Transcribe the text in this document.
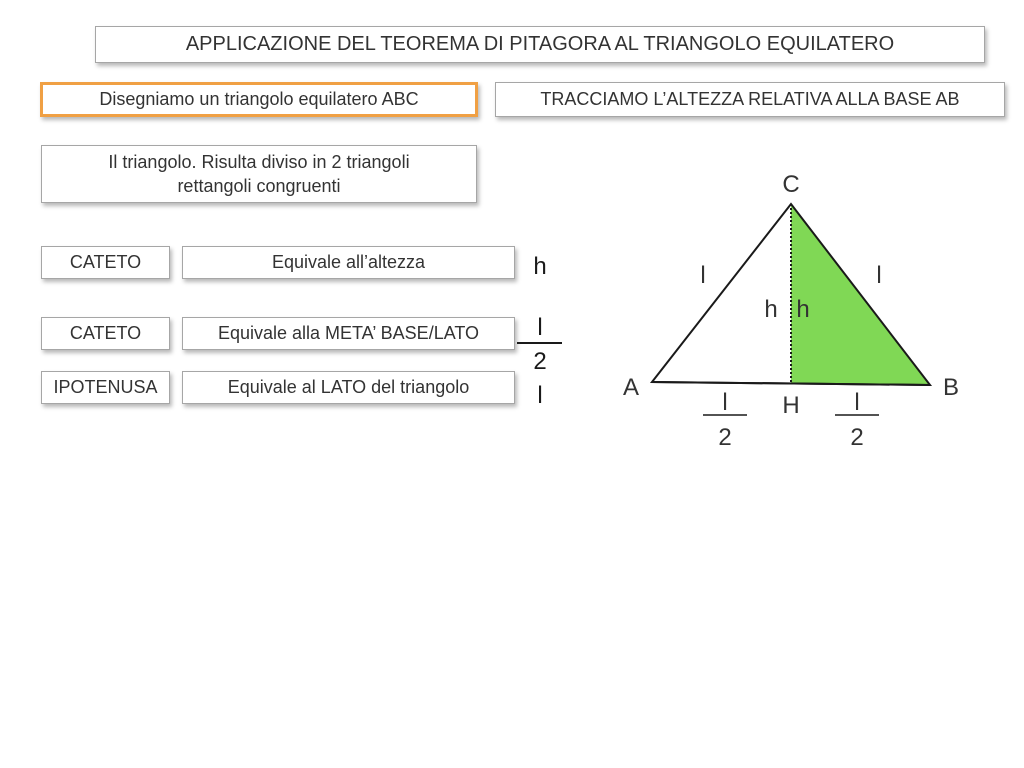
APPLICAZIONE DEL TEOREMA DI PITAGORA AL TRIANGOLO EQUILATERO
Disegniamo un triangolo equilatero ABC	TRACCIAMO L’ALTEZZA RELATIVA ALLA BASE AB
Il triangolo. Risulta diviso in 2 triangoli
rettangoli congruenti
CATETO	Equivale all’altezza	h
CATETO	Equivale alla META’ BASE/LATO	l
2
IPOTENUSA	Equivale al LATO del triangolo	l
C
A	B
H
l	l
h h
l
2
l
2
